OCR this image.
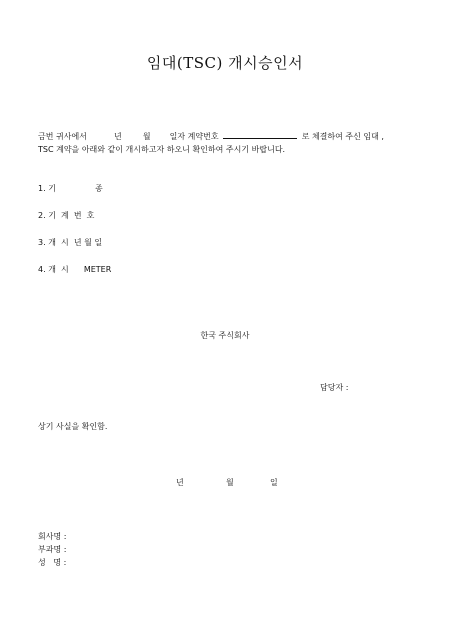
임대(TSC) 개시승인서
금번 귀사에서	년	월 일자 계약번호	로 체결하여 주신 임대 ,
TSC 계약을 아래와 같이 개시하고자 하오니 확인하여 주시기 바랍니다.
1. 기	종
2. 기  계  번  호
3. 개  시  년 월 일
4. 개  시 METER
한국 주식회사
담당자 :
상기 사실을 확인함.
년	월	일
회사명 :
부과명 :
성   명 :
